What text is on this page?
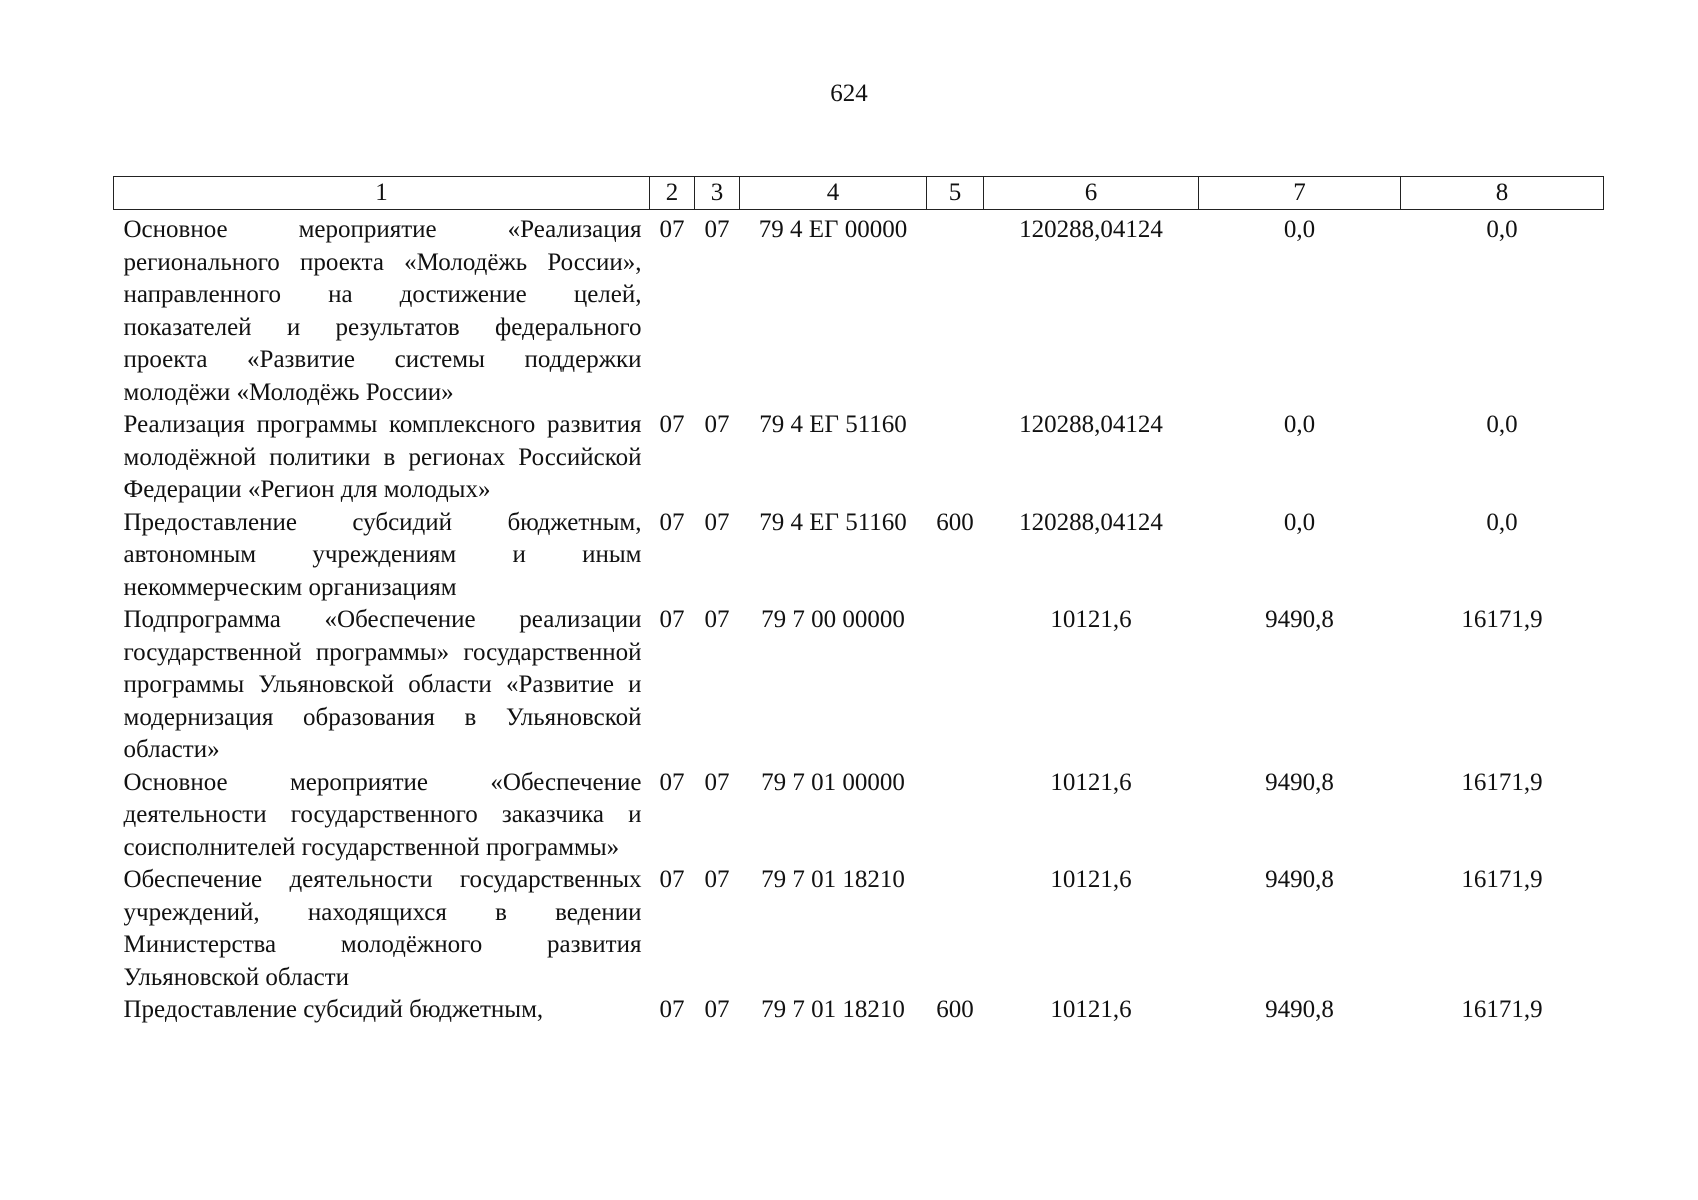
624
1	2	3	4	5	6	7	8
Основное мероприятие «Реализация регионального проекта «Молодёжь России», направленного на достижение целей, показателей и результатов федерального проекта «Развитие системы поддержки молодёжи «Молодёжь России»	07	07	79 4 ЕГ 00000		120288,04124	0,0	0,0
Реализация программы комплексного развития молодёжной политики в регионах Российской Федерации «Регион для молодых»	07	07	79 4 ЕГ 51160		120288,04124	0,0	0,0
Предоставление субсидий бюджетным, автономным учреждениям и иным некоммерческим организациям	07	07	79 4 ЕГ 51160	600	120288,04124	0,0	0,0
Подпрограмма «Обеспечение реализации государственной программы» государственной программы Ульяновской области «Развитие и модернизация образования в Ульяновской области»	07	07	79 7 00 00000		10121,6	9490,8	16171,9
Основное мероприятие «Обеспечение деятельности государственного заказчика и соисполнителей государственной программы»	07	07	79 7 01 00000		10121,6	9490,8	16171,9
Обеспечение деятельности государственных учреждений, находящихся в ведении Министерства молодёжного развития Ульяновской области	07	07	79 7 01 18210		10121,6	9490,8	16171,9
Предоставление субсидий бюджетным,	07	07	79 7 01 18210	600	10121,6	9490,8	16171,9
